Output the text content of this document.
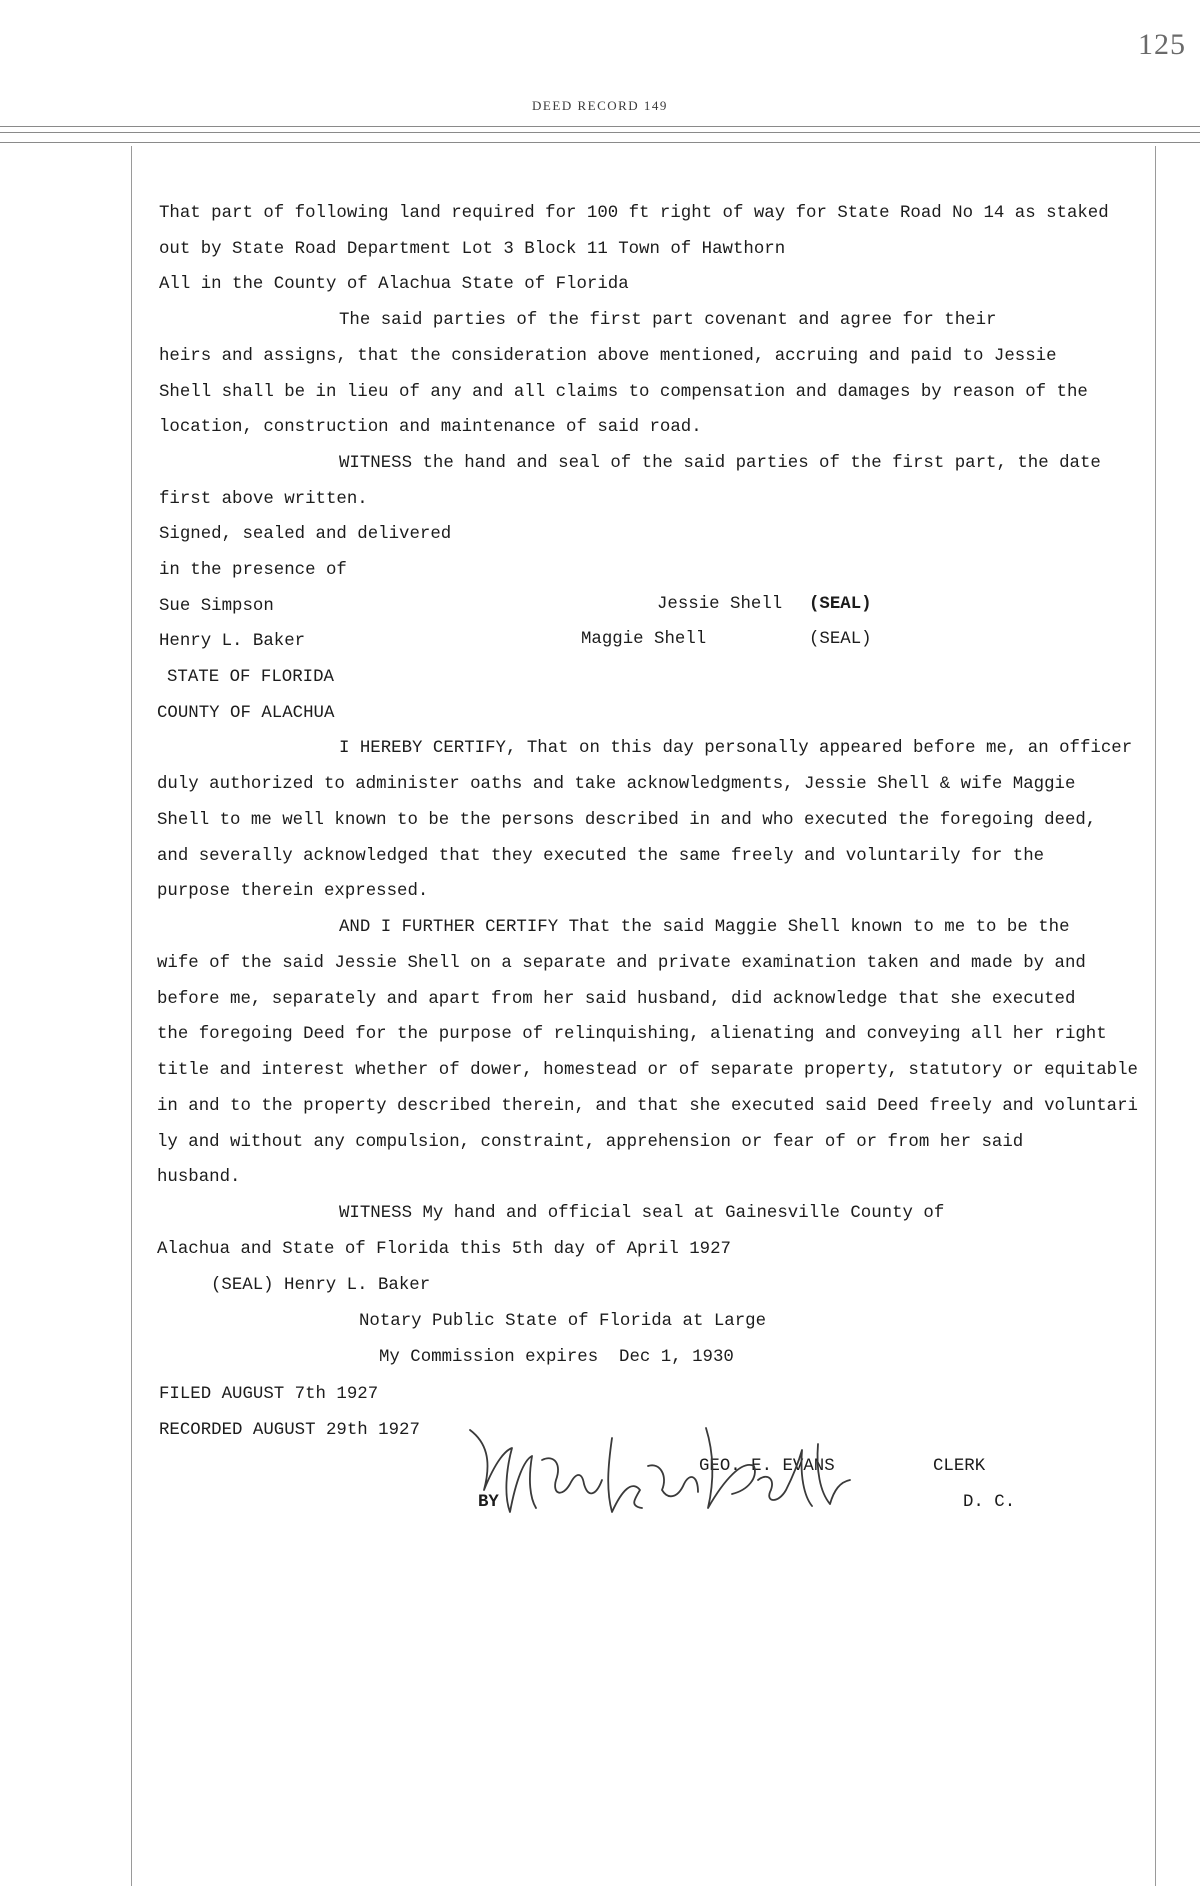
125
DEED RECORD 149
That part of following land required for 100 ft right of way for State Road No 14 as staked
out by State Road Department Lot 3 Block 11 Town of Hawthorn
All in the County of Alachua State of Florida
The said parties of the first part covenant and agree for their
heirs and assigns, that the consideration above mentioned, accruing and paid to Jessie
Shell shall be in lieu of any and all claims to compensation and damages by reason of the
location, construction and maintenance of said road.
WITNESS the hand and seal of the said parties of the first part, the date
first above written.
Signed, sealed and delivered
in the presence of
Sue Simpson	Jessie Shell (SEAL)
Henry L. Baker	Maggie Shell	(SEAL)
STATE OF FLORIDA
COUNTY OF ALACHUA
I HEREBY CERTIFY, That on this day personally appeared before me, an officer
duly authorized to administer oaths and take acknowledgments, Jessie Shell & wife Maggie
Shell to me well known to be the persons described in and who executed the foregoing deed,
and severally acknowledged that they executed the same freely and voluntarily for the
purpose therein expressed.
AND I FURTHER CERTIFY That the said Maggie Shell known to me to be the
wife of the said Jessie Shell on a separate and private examination taken and made by and
before me, separately and apart from her said husband, did acknowledge that she executed
the foregoing Deed for the purpose of relinquishing, alienating and conveying all her right
title and interest whether of dower, homestead or of separate property, statutory or equitable
in and to the property described therein, and that she executed said Deed freely and voluntari
ly and without any compulsion, constraint, apprehension or fear of or from her said
husband.
WITNESS My hand and official seal at Gainesville County of
Alachua and State of Florida this 5th day of April 1927
(SEAL) Henry L. Baker
Notary Public State of Florida at Large
My Commission expires  Dec 1, 1930
FILED AUGUST 7th 1927
RECORDED AUGUST 29th 1927
GEO. E. EVANS	CLERK
BY	D. C.
